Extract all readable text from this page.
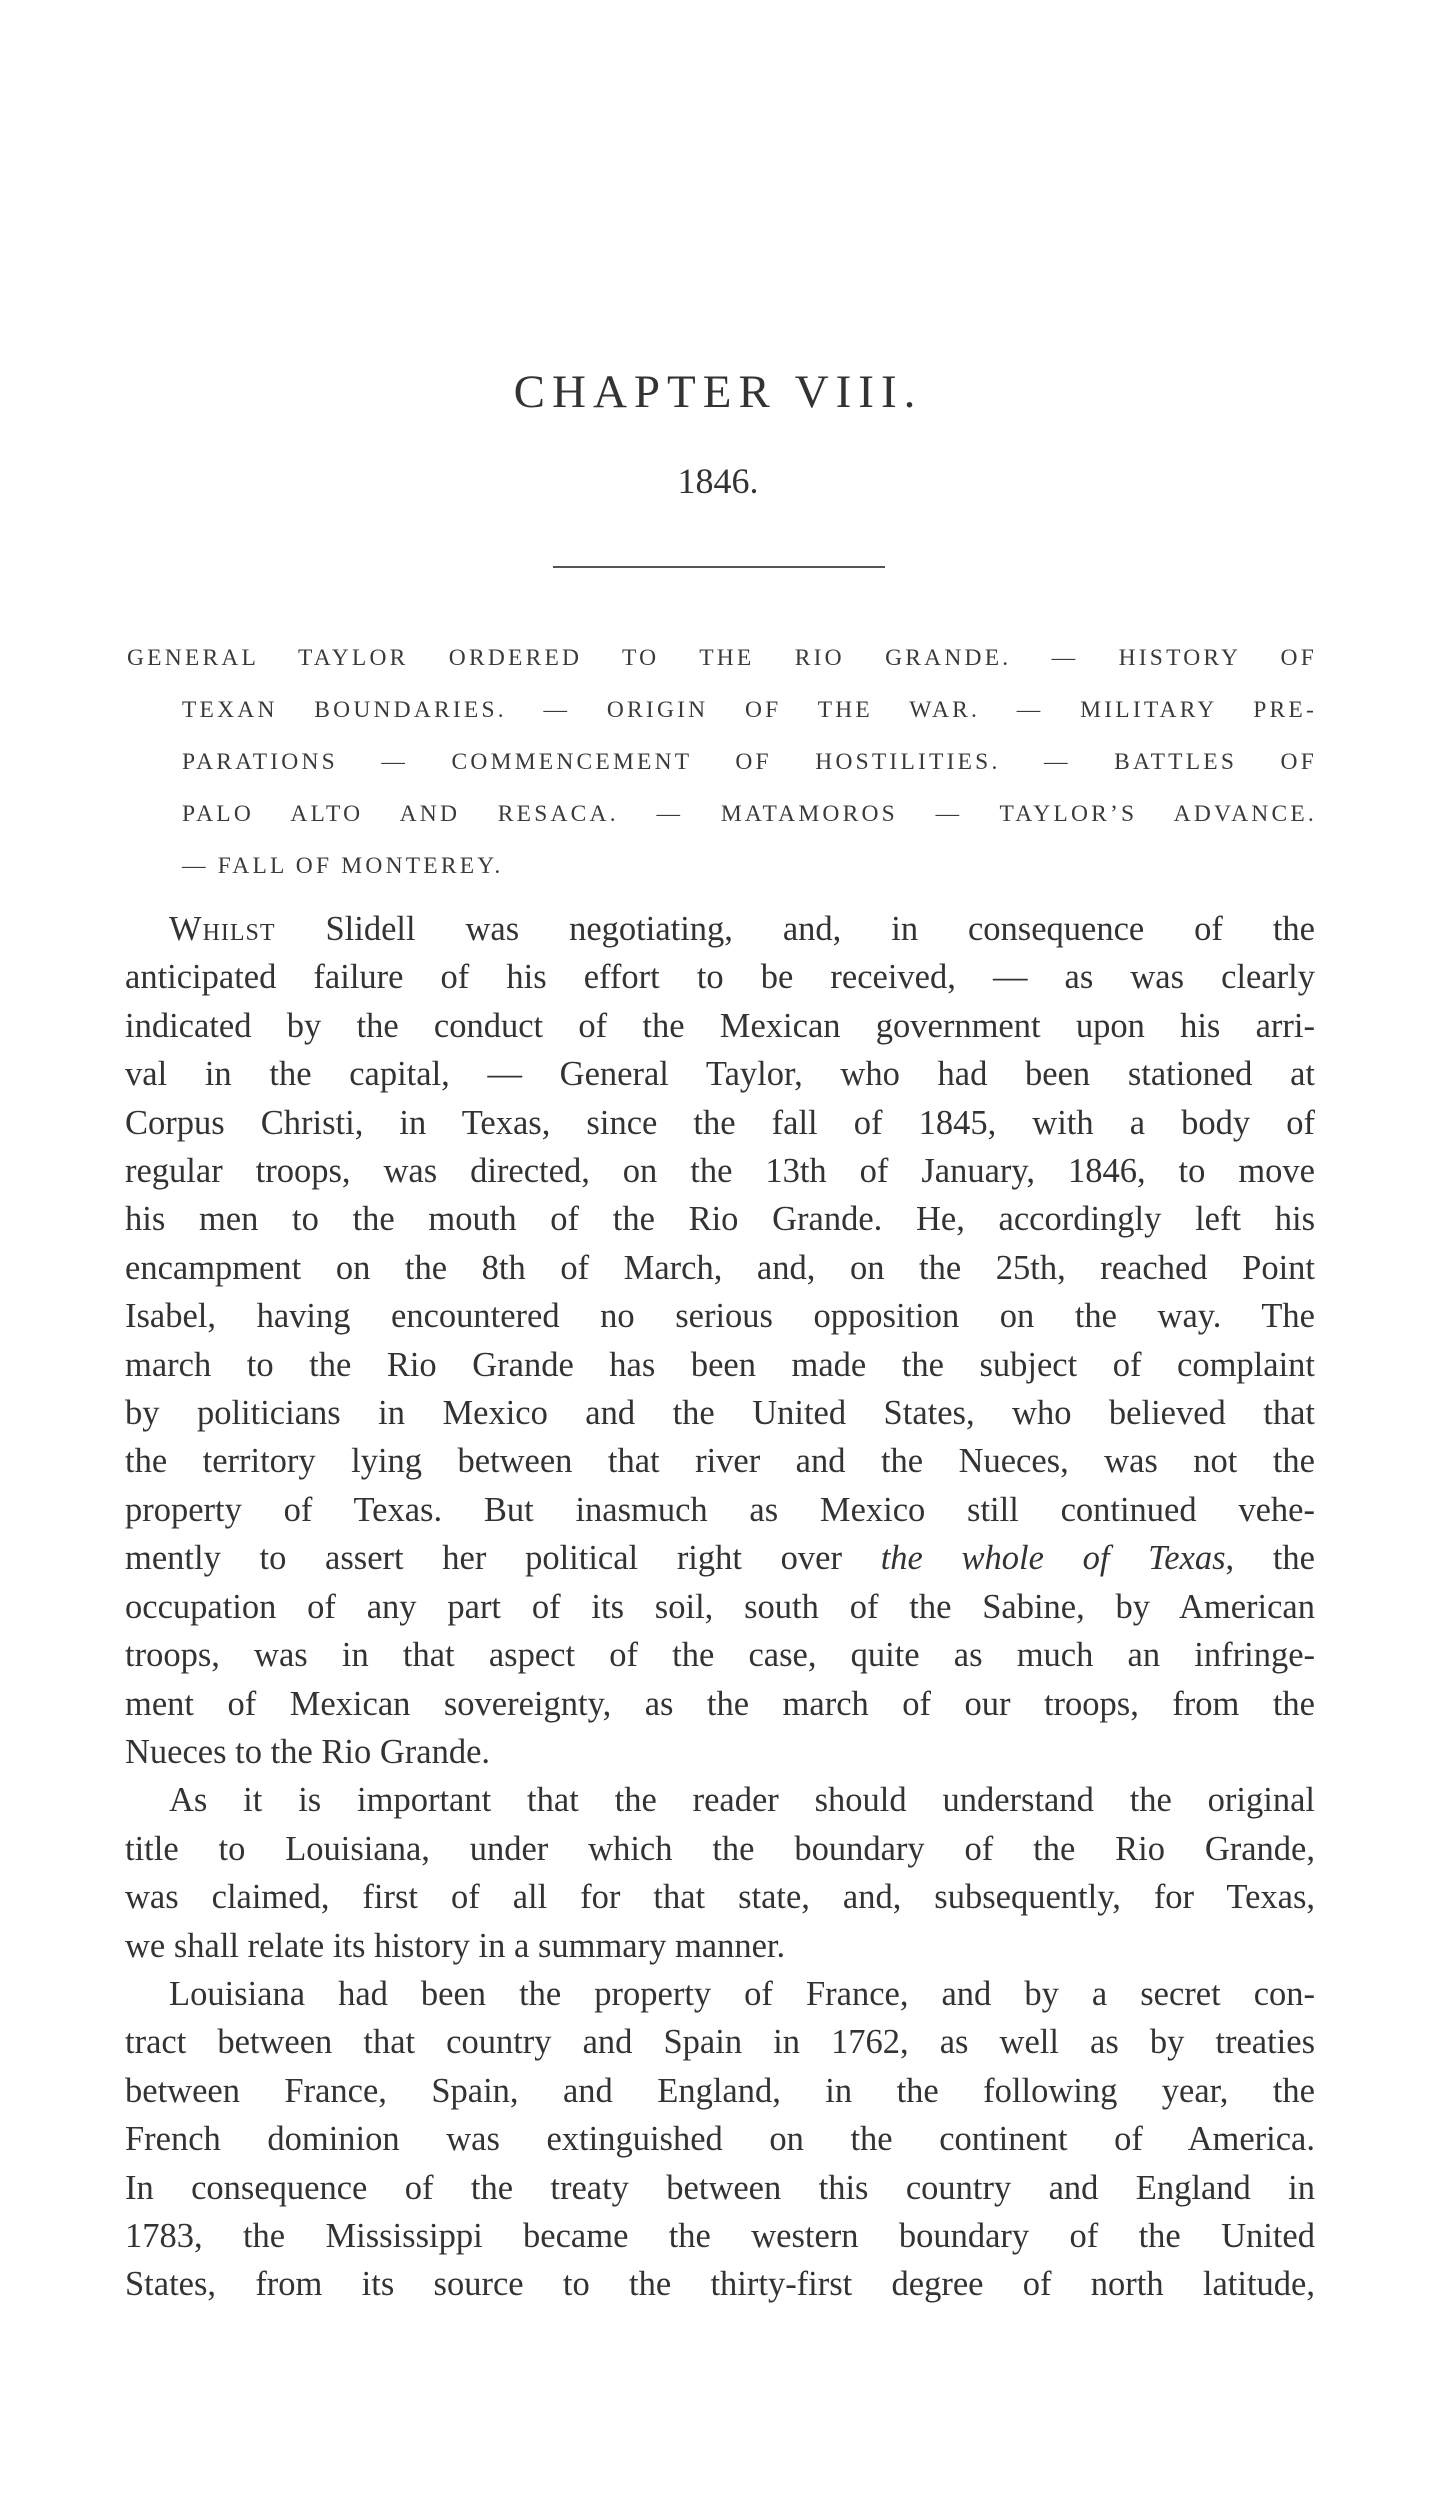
CHAPTER VIII.
1846.
GENERAL TAYLOR ORDERED TO THE RIO GRANDE. — HISTORY OF
TEXAN BOUNDARIES. — ORIGIN OF THE WAR. — MILITARY PRE-
PARATIONS — COMMENCEMENT OF HOSTILITIES. — BATTLES OF
PALO ALTO AND RESACA. — MATAMOROS — TAYLOR’S ADVANCE.
— FALL OF MONTEREY.
Whilst Slidell was negotiating, and, in consequence of the
anticipated failure of his effort to be received, — as was clearly
indicated by the conduct of the Mexican government upon his arri-
val in the capital, — General Taylor, who had been stationed at
Corpus Christi, in Texas, since the fall of 1845, with a body of
regular troops, was directed, on the 13th of January, 1846, to move
his men to the mouth of the Rio Grande. He, accordingly left his
encampment on the 8th of March, and, on the 25th, reached Point
Isabel, having encountered no serious opposition on the way. The
march to the Rio Grande has been made the subject of complaint
by politicians in Mexico and the United States, who believed that
the territory lying between that river and the Nueces, was not the
property of Texas. But inasmuch as Mexico still continued vehe-
mently to assert her political right over the whole of Texas, the
occupation of any part of its soil, south of the Sabine, by American
troops, was in that aspect of the case, quite as much an infringe-
ment of Mexican sovereignty, as the march of our troops, from the
Nueces to the Rio Grande.
As it is important that the reader should understand the original
title to Louisiana, under which the boundary of the Rio Grande,
was claimed, first of all for that state, and, subsequently, for Texas,
we shall relate its history in a summary manner.
Louisiana had been the property of France, and by a secret con-
tract between that country and Spain in 1762, as well as by treaties
between France, Spain, and England, in the following year, the
French dominion was extinguished on the continent of America.
In consequence of the treaty between this country and England in
1783, the Mississippi became the western boundary of the United
States, from its source to the thirty-first degree of north latitude,
